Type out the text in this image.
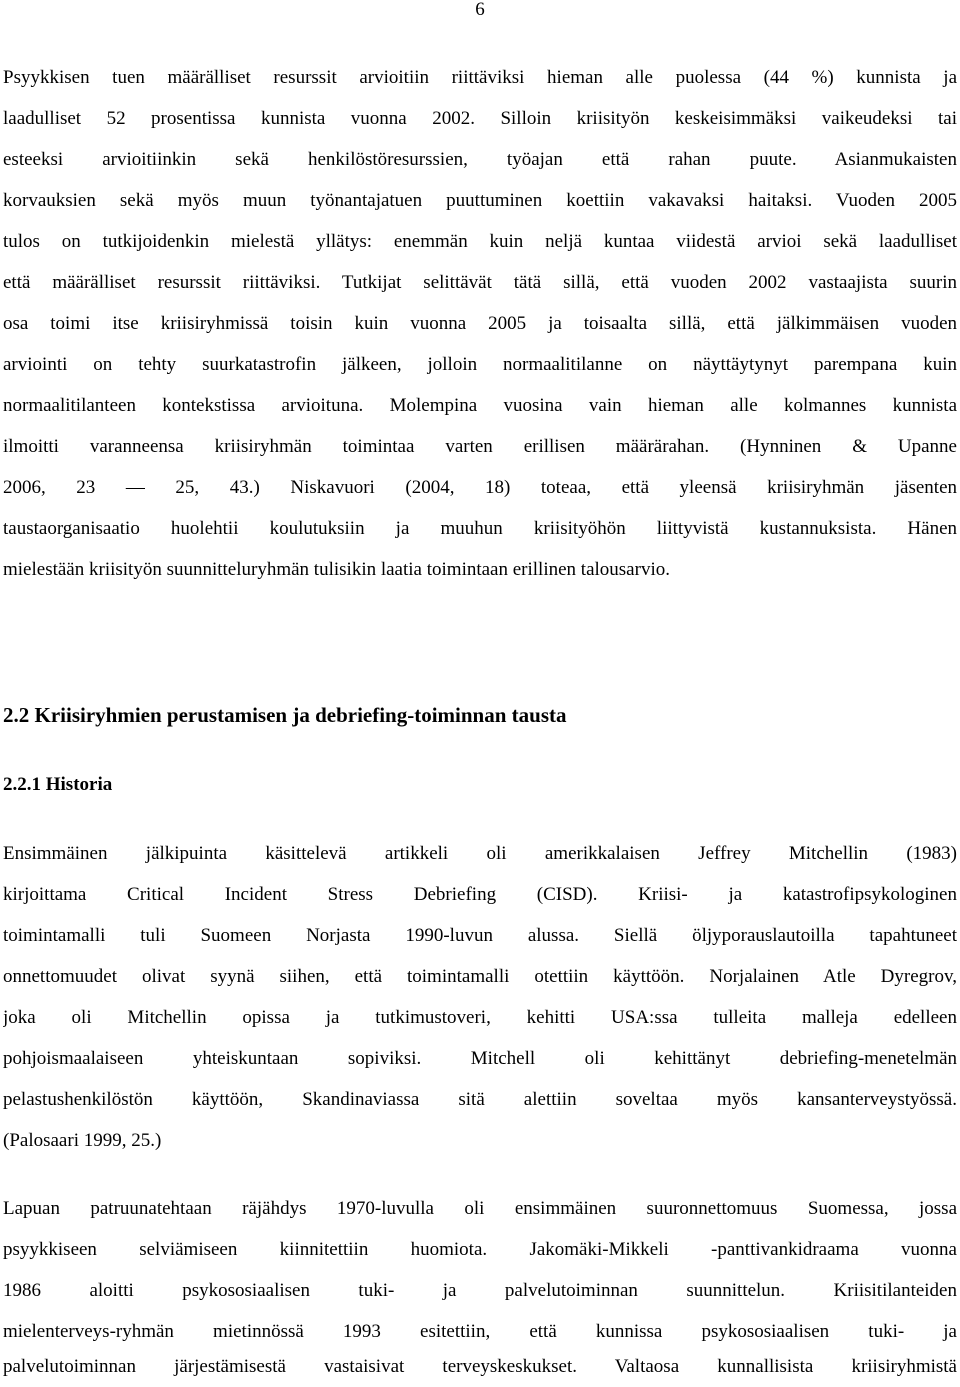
6
Psyykkisen tuen määrälliset resurssit arvioitiin riittäviksi hieman alle puolessa (44 %) kunnista ja
laadulliset 52 prosentissa kunnista vuonna 2002. Silloin kriisityön keskeisimmäksi vaikeudeksi tai
esteeksi arvioitiinkin sekä henkilöstöresurssien, työajan että rahan puute. Asianmukaisten
korvauksien sekä myös muun työnantajatuen puuttuminen koettiin vakavaksi haitaksi. Vuoden 2005
tulos on tutkijoidenkin mielestä yllätys: enemmän kuin neljä kuntaa viidestä arvioi sekä laadulliset
että määrälliset resurssit riittäviksi. Tutkijat selittävät tätä sillä, että vuoden 2002 vastaajista suurin
osa toimi itse kriisiryhmissä toisin kuin vuonna 2005 ja toisaalta sillä, että jälkimmäisen vuoden
arviointi on tehty suurkatastrofin jälkeen, jolloin normaalitilanne on näyttäytynyt parempana kuin
normaalitilanteen kontekstissa arvioituna. Molempina vuosina vain hieman alle kolmannes kunnista
ilmoitti varanneensa kriisiryhmän toimintaa varten erillisen määrärahan. (Hynninen & Upanne
2006, 23 — 25, 43.) Niskavuori (2004, 18) toteaa, että yleensä kriisiryhmän jäsenten
taustaorganisaatio huolehtii koulutuksiin ja muuhun kriisityöhön liittyvistä kustannuksista. Hänen
mielestään kriisityön suunnitteluryhmän tulisikin laatia toimintaan erillinen talousarvio.
2.2 Kriisiryhmien perustamisen ja debriefing-toiminnan tausta
2.2.1 Historia
Ensimmäinen jälkipuinta käsittelevä artikkeli oli amerikkalaisen Jeffrey Mitchellin (1983)
kirjoittama Critical Incident Stress Debriefing (CISD). Kriisi- ja katastrofipsykologinen
toimintamalli tuli Suomeen Norjasta 1990-luvun alussa. Siellä öljyporauslautoilla tapahtuneet
onnettomuudet olivat syynä siihen, että toimintamalli otettiin käyttöön. Norjalainen Atle Dyregrov,
joka oli Mitchellin opissa ja tutkimustoveri, kehitti USA:ssa tulleita malleja edelleen
pohjoismaalaiseen yhteiskuntaan sopiviksi. Mitchell oli kehittänyt debriefing-menetelmän
pelastushenkilöstön käyttöön, Skandinaviassa sitä alettiin soveltaa myös kansanterveystyössä.
(Palosaari 1999, 25.)
Lapuan patruunatehtaan räjähdys 1970-luvulla oli ensimmäinen suuronnettomuus Suomessa, jossa
psyykkiseen selviämiseen kiinnitettiin huomiota. Jakomäki-Mikkeli -panttivankidraama vuonna
1986 aloitti psykososiaalisen tuki- ja palvelutoiminnan suunnittelun. Kriisitilanteiden
mielenterveys-ryhmän mietinnössä 1993 esitettiin, että kunnissa psykososiaalisen tuki- ja
palvelutoiminnan järjestämisestä vastaisivat terveyskeskukset. Valtaosa kunnallisista kriisiryhmistä
